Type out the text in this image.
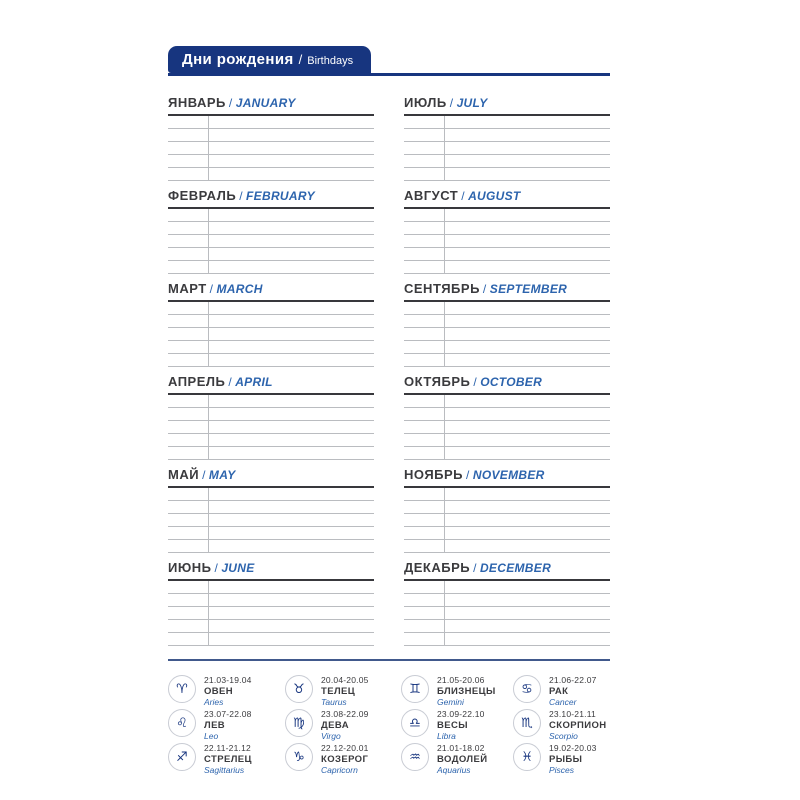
Дни рождения / Birthdays
ЯНВАРЬ / JANUARY
ФЕВРАЛЬ / FEBRUARY
МАРТ / MARCH
АПРЕЛЬ / APRIL
МАЙ / MAY
ИЮНЬ / JUNE
ИЮЛЬ / JULY
АВГУСТ / AUGUST
СЕНТЯБРЬ / SEPTEMBER
ОКТЯБРЬ / OCTOBER
НОЯБРЬ / NOVEMBER
ДЕКАБРЬ / DECEMBER
♈
21.03-19.04
ОВЕН
Aries
♌
23.07-22.08
ЛЕВ
Leo
♐
22.11-21.12
СТРЕЛЕЦ
Sagittarius
♉
20.04-20.05
ТЕЛЕЦ
Taurus
♍
23.08-22.09
ДЕВА
Virgo
♑
22.12-20.01
КОЗЕРОГ
Capricorn
♊
21.05-20.06
БЛИЗНЕЦЫ
Gemini
♎
23.09-22.10
ВЕСЫ
Libra
♒
21.01-18.02
ВОДОЛЕЙ
Aquarius
♋
21.06-22.07
РАК
Cancer
♏
23.10-21.11
СКОРПИОН
Scorpio
♓
19.02-20.03
РЫБЫ
Pisces
